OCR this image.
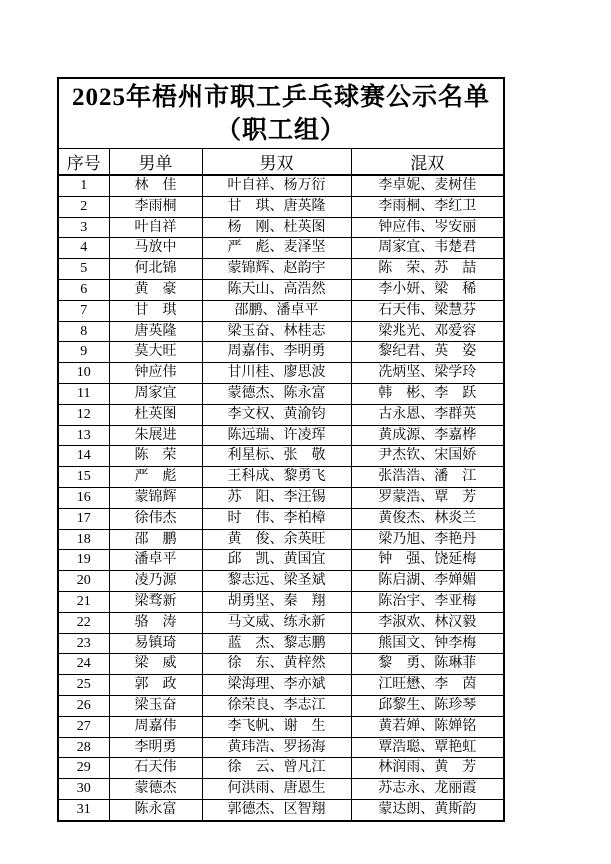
2025年梧州市职工乒乓球赛公示名单
（职工组）			

序号	男单	男双	混双
1	林　佳	叶自祥、杨万衍	李卓妮、麦树佳
2	李雨桐	甘　琪、唐英隆	李雨桐、李红卫
3	叶自祥	杨　刚、杜英图	钟应伟、岑安丽
4	马放中	严　彪、麦泽坚	周家宜、韦楚君
5	何北锦	蒙锦辉、赵韵宇	陈　荣、苏　喆
6	黄　豪	陈天山、高浩然	李小妍、梁　稀
7	甘　琪	邵鹏、潘卓平	石天伟、梁慧芬
8	唐英隆	梁玉奋、林桂志	梁兆光、邓爱容
9	莫大旺	周嘉伟、李明勇	黎纪君、英　姿
10	钟应伟	甘川桂、廖思波	冼炳坚、梁学玲
11	周家宜	蒙德杰、陈永富	韩　彬、李　跃
12	杜英图	李文权、黄渝钧	古永恩、李群英
13	朱展进	陈远瑞、许凌珲	黄成源、李嘉桦
14	陈　荣	利星标、张　敬	尹杰钦、宋国娇
15	严　彪	王科成、黎勇飞	张浩浩、潘　江
16	蒙锦辉	苏　阳、李汪锡	罗蒙浩、覃　芳
17	徐伟杰	时　伟、李柏樟	黄俊杰、林炎兰
18	邵　鹏	黄　俊、余英旺	梁乃旭、李艳丹
19	潘卓平	邱　凯、黄国宜	钟　强、饶延梅
20	凌乃源	黎志远、梁圣斌	陈启湖、李婵媚
21	梁骛新	胡勇坚、秦　翔	陈治宇、李亚梅
22	骆　涛	马文威、练永新	李淑欢、林汉毅
23	易镇琦	蓝　杰、黎志鹏	熊国文、钟李梅
24	梁　威	徐　东、黄梓然	黎　勇、陈琳菲
25	郭　政	梁海理、李亦斌	江旺懋、李　茵
26	梁玉奋	徐荣良、李志江	邱黎生、陈珍琴
27	周嘉伟	李飞帆、谢　生	黄若婵、陈婵铭
28	李明勇	黄玮浩、罗扬海	覃浩聪、覃艳虹
29	石天伟	徐　云、曾凡江	林润雨、黄　芳
30	蒙德杰	何洪雨、唐恩生	苏志永、龙丽霞
31	陈永富	郭德杰、区智翔	蒙达朗、黄斯韵
